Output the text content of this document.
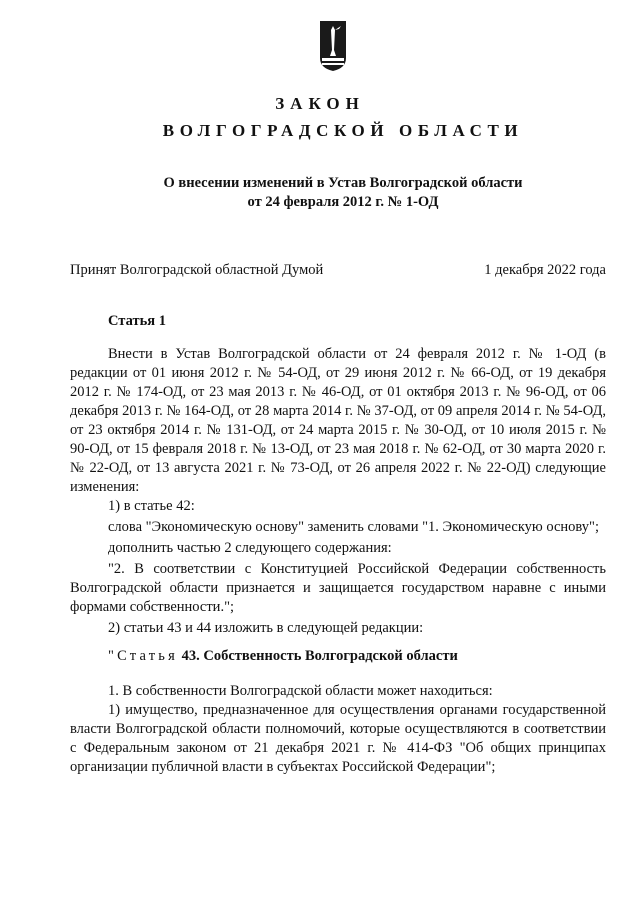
ЗАКОН
ВОЛГОГРАДСКОЙ ОБЛАСТИ
О внесении изменений в Устав Волгоградской области
от 24 февраля 2012 г. № 1-ОД
Принят Волгоградской областной Думой	1 декабря 2022 года
Статья 1

Внести в Устав Волгоградской области от 24 февраля 2012 г. № 1-ОД (в редакции от 01 июня 2012 г. № 54-ОД, от 29 июня 2012 г. № 66-ОД, от 19 декабря 2012 г. № 174-ОД, от 23 мая 2013 г. № 46-ОД, от 01 октября 2013 г. № 96-ОД, от 06 декабря 2013 г. № 164-ОД, от 28 марта 2014 г. № 37-ОД, от 09 апреля 2014 г. № 54-ОД, от 23 октября 2014 г. № 131-ОД, от 24 марта 2015 г. № 30-ОД, от 10 июля 2015 г. № 90-ОД, от 15 февраля 2018 г. № 13-ОД, от 23 мая 2018 г. № 62-ОД, от 30 марта 2020 г. № 22-ОД, от 13 августа 2021 г. № 73-ОД, от 26 апреля 2022 г. № 22-ОД) следующие изменения:

1) в статье 42:

слова "Экономическую основу" заменить словами "1. Экономическую основу";

дополнить частью 2 следующего содержания:

"2. В соответствии с Конституцией Российской Федерации собственность Волгоградской области признается и защищается государством наравне с иными формами собственности.";

2) статьи 43 и 44 изложить в следующей редакции:

"Статья 43. Собственность Волгоградской области

1. В собственности Волгоградской области может находиться:

1) имущество, предназначенное для осуществления органами государственной власти Волгоградской области полномочий, которые осуществляются в соответствии с Федеральным законом от 21 декабря 2021 г. № 414-ФЗ "Об общих принципах организации публичной власти в субъектах Российской Федерации";
